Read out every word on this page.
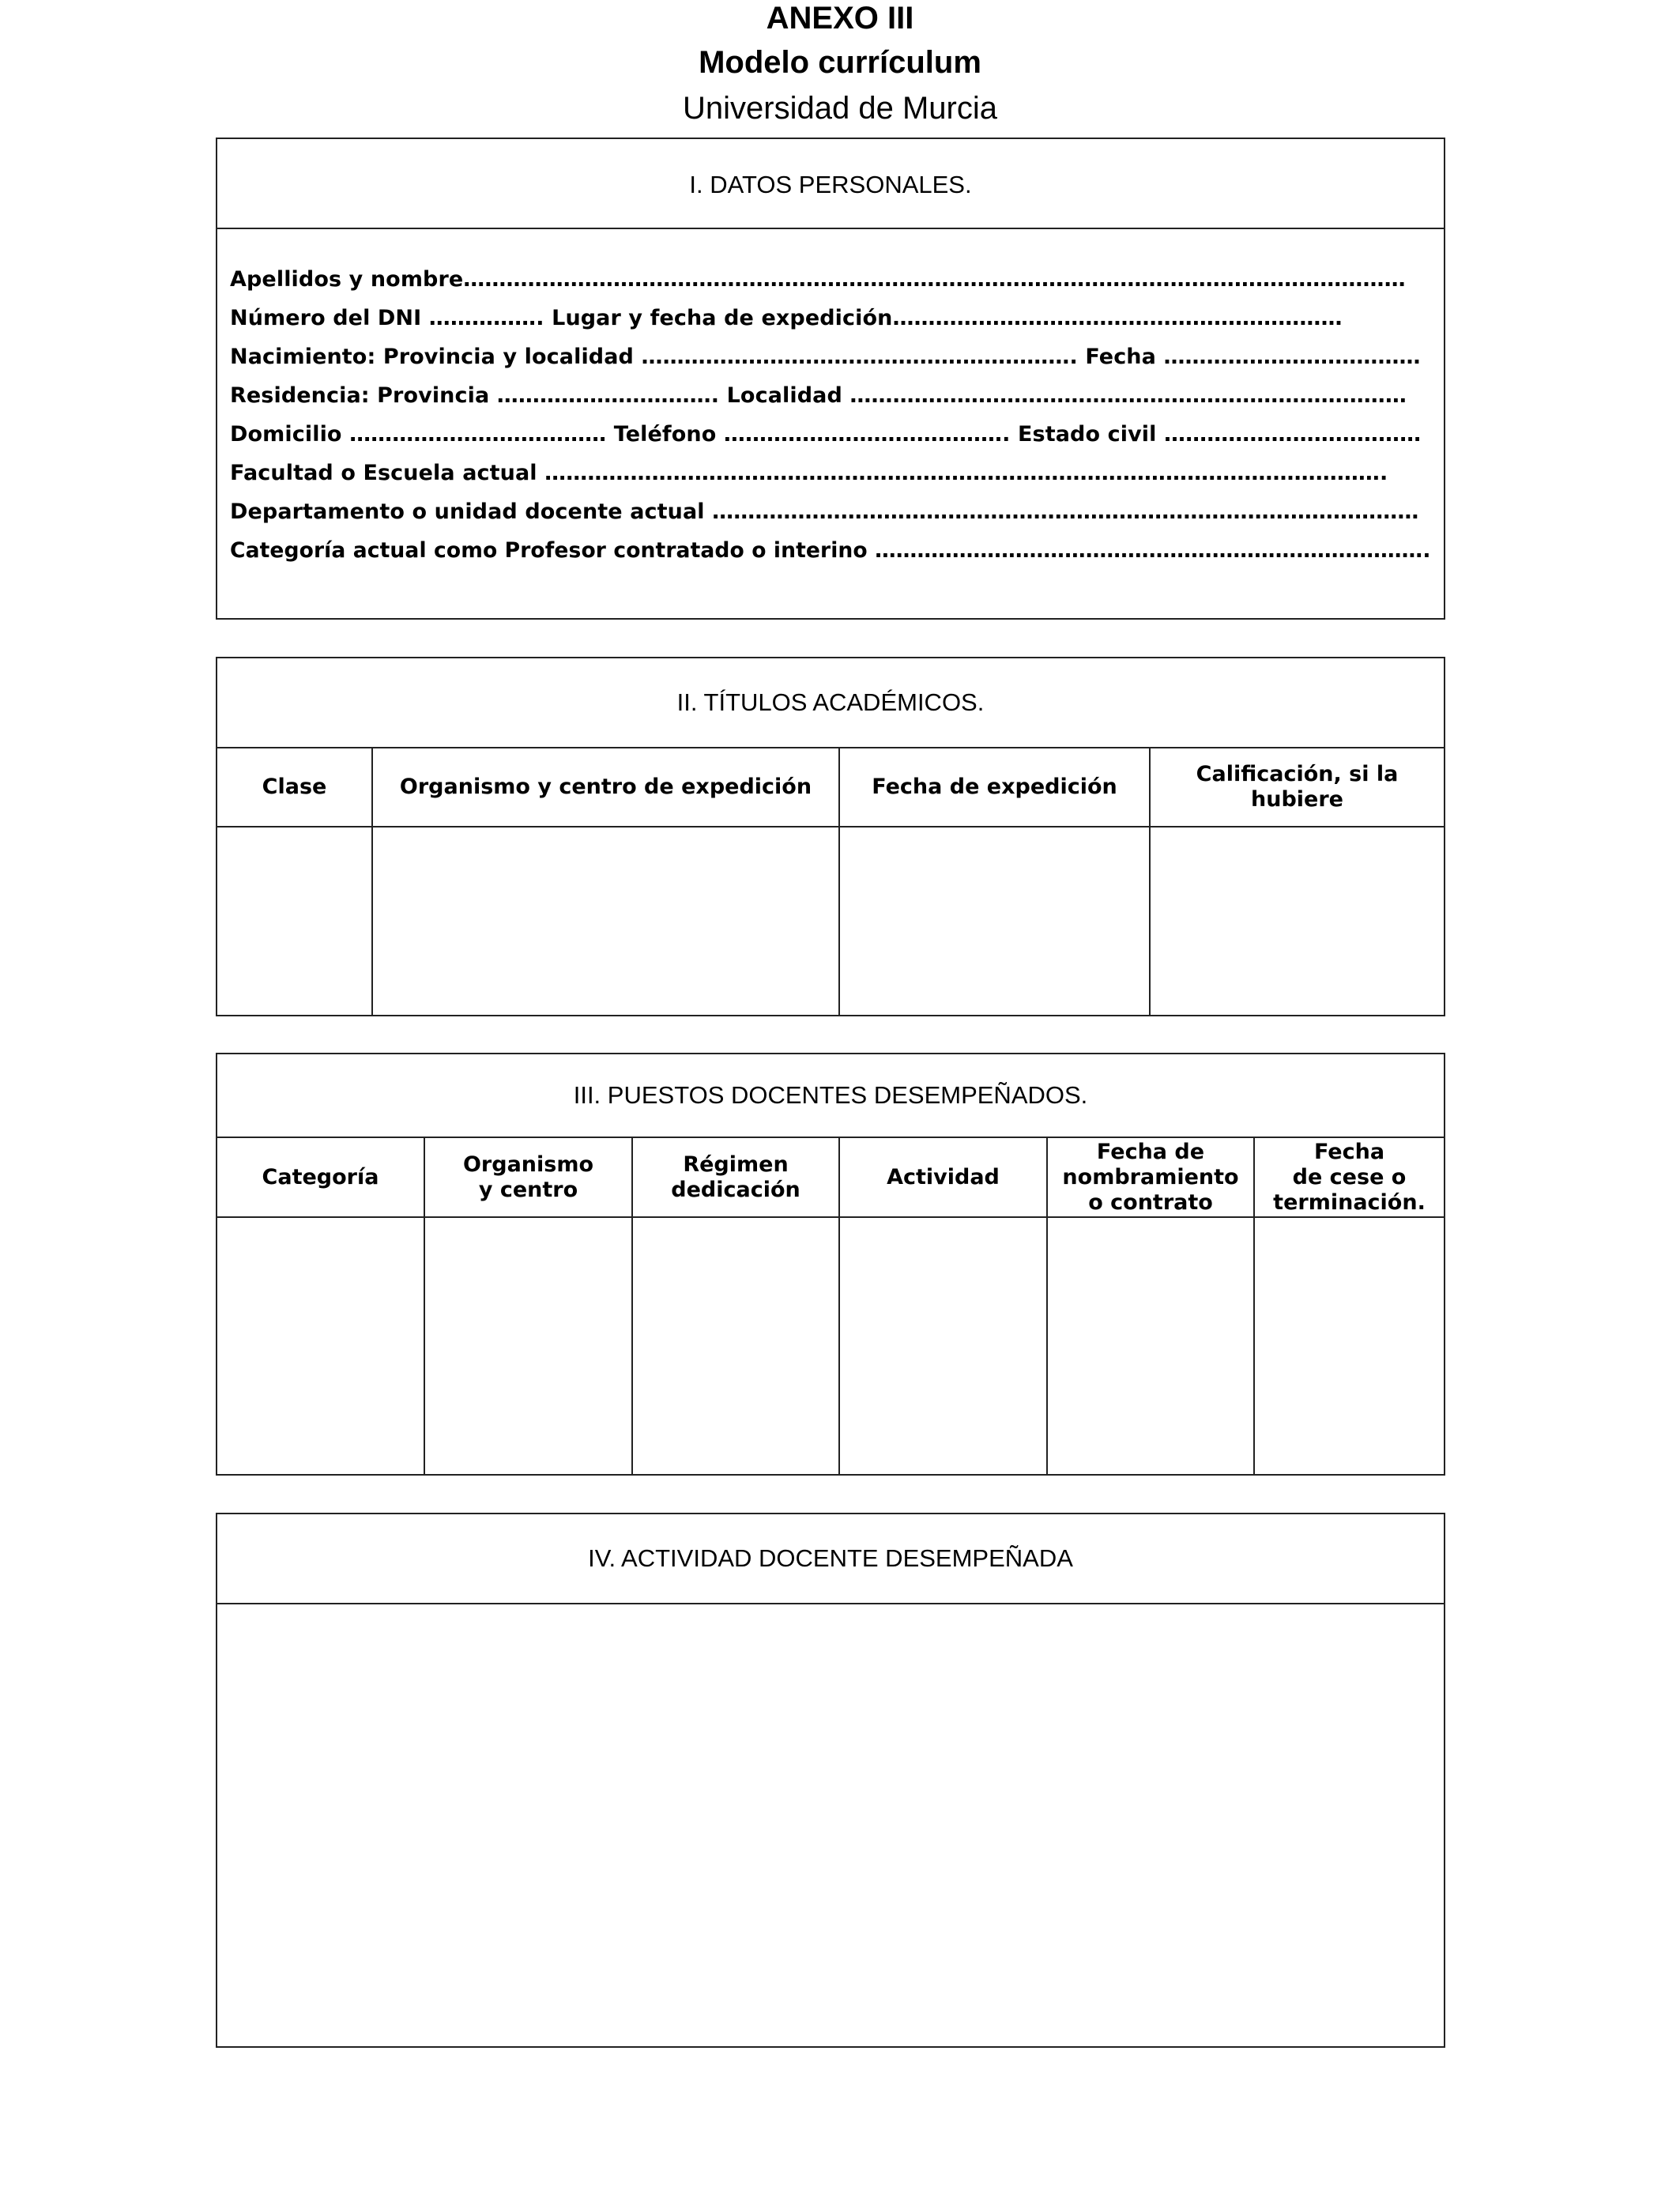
ANEXO III
Modelo currículum
Universidad de Murcia
I. DATOS PERSONALES.
Apellidos y nombre……………………………………………………………………………………………………………………
Número del DNI ……………. Lugar y fecha de expedición………………………………………………………
Nacimiento: Provincia y localidad ……………………………………………………. Fecha ………………………………
Residencia: Provincia …………………………. Localidad ……………………………………………………………………
Domicilio ……………………………… Teléfono …………………………………. Estado civil ………………………………
Facultad o Escuela actual ……………………………………………………………………………………………………….
Departamento o unidad docente actual ………………………………………………………………………………………
Categoría actual como Profesor contratado o interino …………………………………………………………………….
II. TÍTULOS ACADÉMICOS.
Clase	Organismo y centro de expedición	Fecha de expedición
Calificación, si la hubiere
III. PUESTOS DOCENTES DESEMPEÑADOS.
Categoría
Organismo
y centro
Régimen
dedicación
Actividad
Fecha de
nombramiento
o contrato
Fecha
de cese o
terminación.
IV. ACTIVIDAD DOCENTE DESEMPEÑADA
